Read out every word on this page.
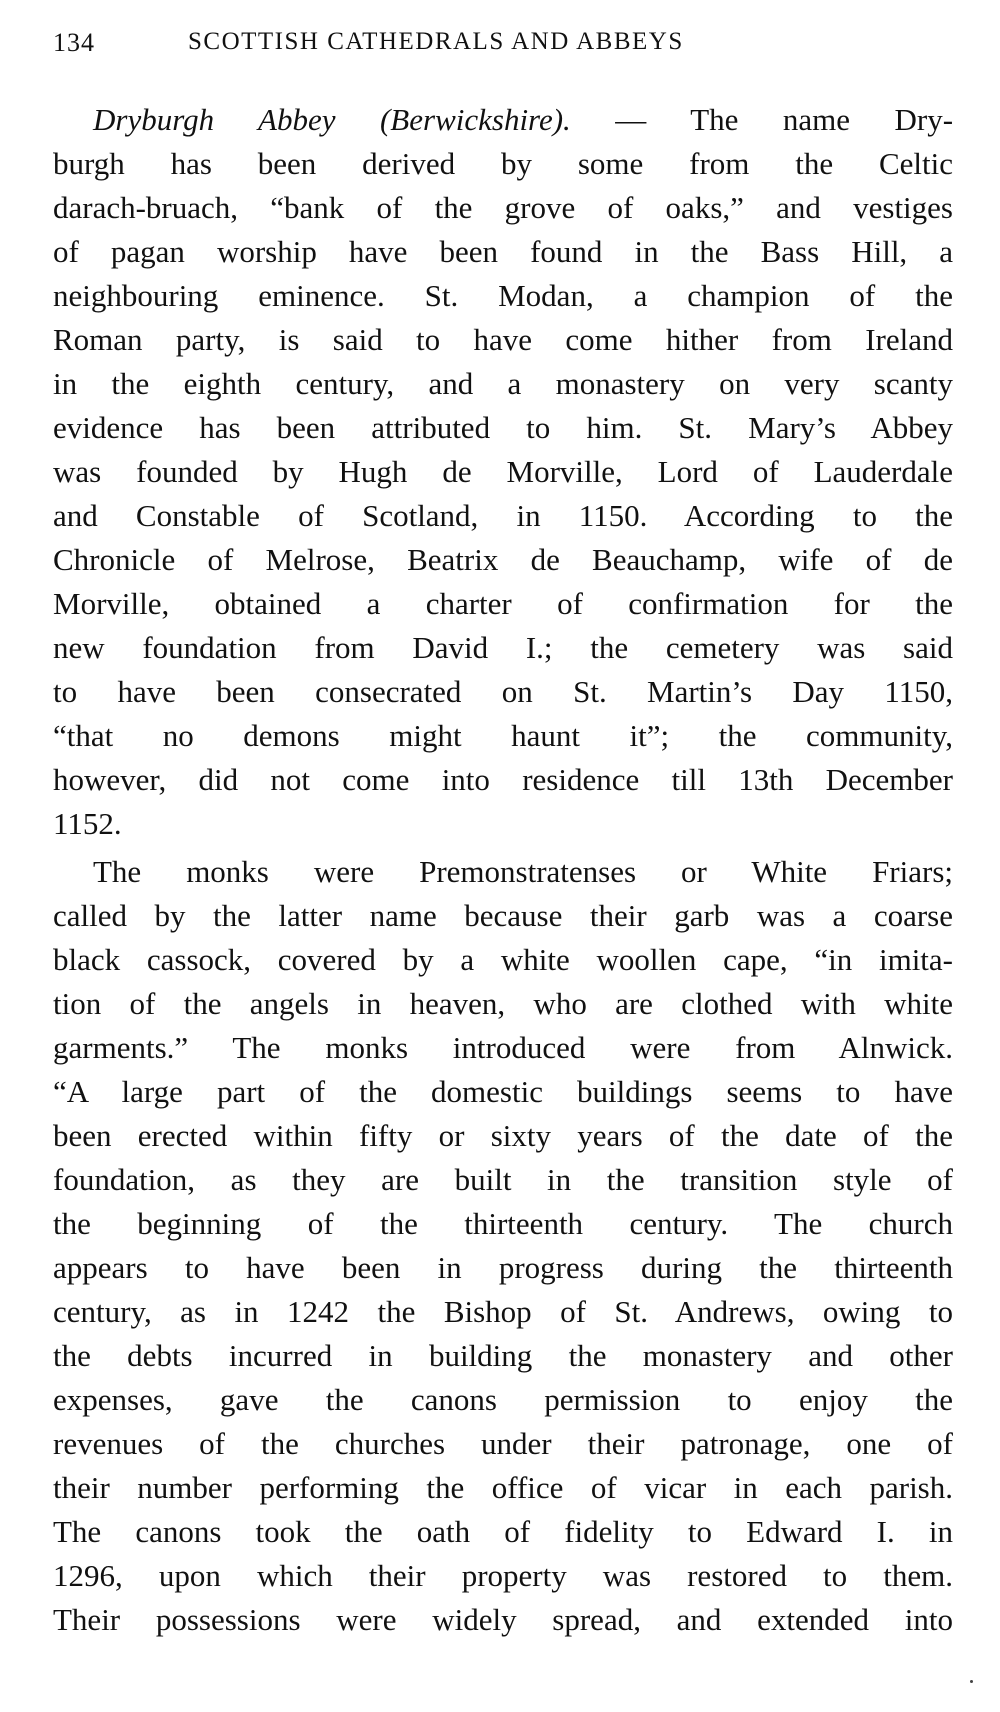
134	SCOTTISH CATHEDRALS AND ABBEYS
Dryburgh Abbey (Berwickshire). — The name Dry-
burgh has been derived by some from the Celtic
darach-bruach, “bank of the grove of oaks,” and vestiges
of pagan worship have been found in the Bass Hill, a
neighbouring eminence. St. Modan, a champion of the
Roman party, is said to have come hither from Ireland
in the eighth century, and a monastery on very scanty
evidence has been attributed to him. St. Mary’s Abbey
was founded by Hugh de Morville, Lord of Lauderdale
and Constable of Scotland, in 1150. According to the
Chronicle of Melrose, Beatrix de Beauchamp, wife of de
Morville, obtained a charter of confirmation for the
new foundation from David I.; the cemetery was said
to have been consecrated on St. Martin’s Day 1150,
“that no demons might haunt it”; the community,
however, did not come into residence till 13th December
1152.
The monks were Premonstratenses or White Friars;
called by the latter name because their garb was a coarse
black cassock, covered by a white woollen cape, “in imita-
tion of the angels in heaven, who are clothed with white
garments.” The monks introduced were from Alnwick.
“A large part of the domestic buildings seems to have
been erected within fifty or sixty years of the date of the
foundation, as they are built in the transition style of
the beginning of the thirteenth century. The church
appears to have been in progress during the thirteenth
century, as in 1242 the Bishop of St. Andrews, owing to
the debts incurred in building the monastery and other
expenses, gave the canons permission to enjoy the
revenues of the churches under their patronage, one of
their number performing the office of vicar in each parish.
The canons took the oath of fidelity to Edward I. in
1296, upon which their property was restored to them.
Their possessions were widely spread, and extended into
